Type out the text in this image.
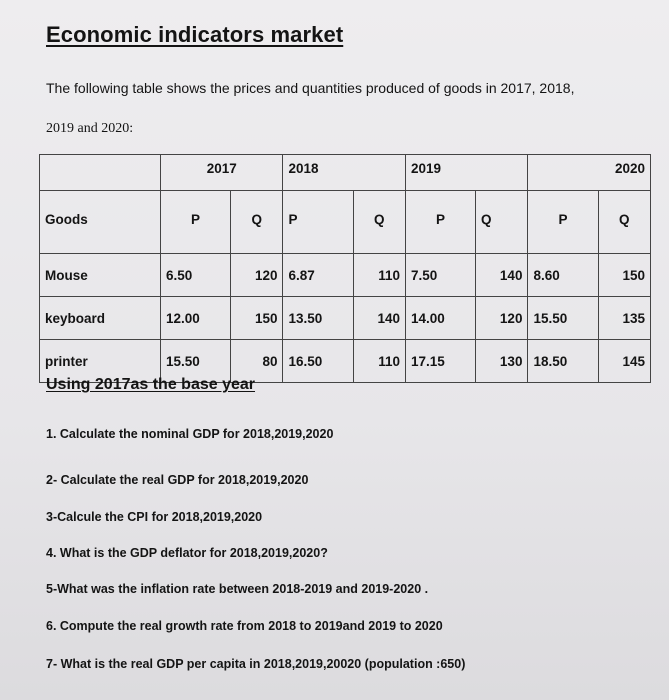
Economic indicators market
The following table shows the prices and quantities produced of goods in 2017, 2018,
2019 and 2020:
	2017		2018		2019		2020	
Goods	P	Q	P	Q	P	Q	P	Q
Mouse	6.50	120	6.87	110	7.50	140	8.60	150
keyboard	12.00	150	13.50	140	14.00	120	15.50	135
printer	15.50	80	16.50	110	17.15	130	18.50	145
Using 2017as the base year
1. Calculate the nominal GDP for 2018,2019,2020
2- Calculate the real GDP for 2018,2019,2020
3-Calcule the CPI for 2018,2019,2020
4. What is the GDP deflator for 2018,2019,2020?
5-What was the inflation rate between 2018-2019 and 2019-2020 .
6. Compute the real growth rate from 2018 to 2019and 2019 to 2020
7- What is the real GDP per capita in 2018,2019,20020 (population :650)
